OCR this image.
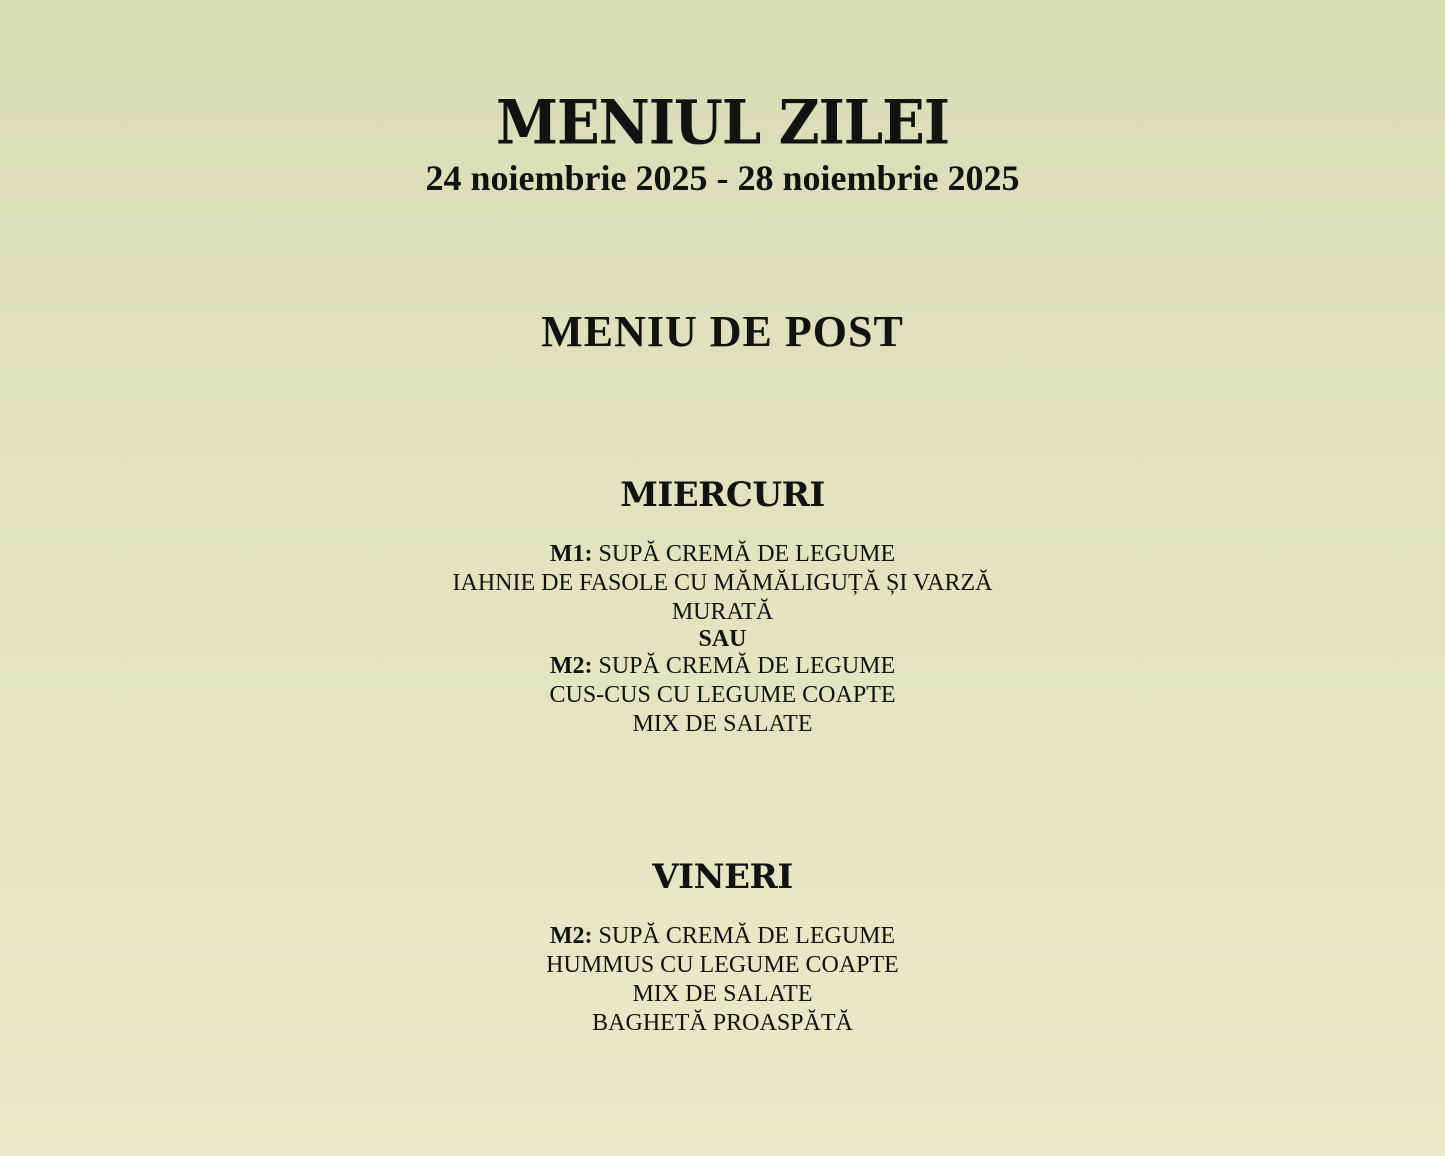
MENIUL ZILEI
24 noiembrie 2025 - 28 noiembrie 2025
MENIU DE POST
MIERCURI
M1: SUPĂ CREMĂ DE LEGUME
IAHNIE DE FASOLE CU MĂMĂLIGUȚĂ ȘI VARZĂ
MURATĂ
SAU
M2: SUPĂ CREMĂ DE LEGUME
CUS-CUS CU LEGUME COAPTE
MIX DE SALATE
VINERI
M2: SUPĂ CREMĂ DE LEGUME
HUMMUS CU LEGUME COAPTE
MIX DE SALATE
BAGHETĂ PROASPĂTĂ
